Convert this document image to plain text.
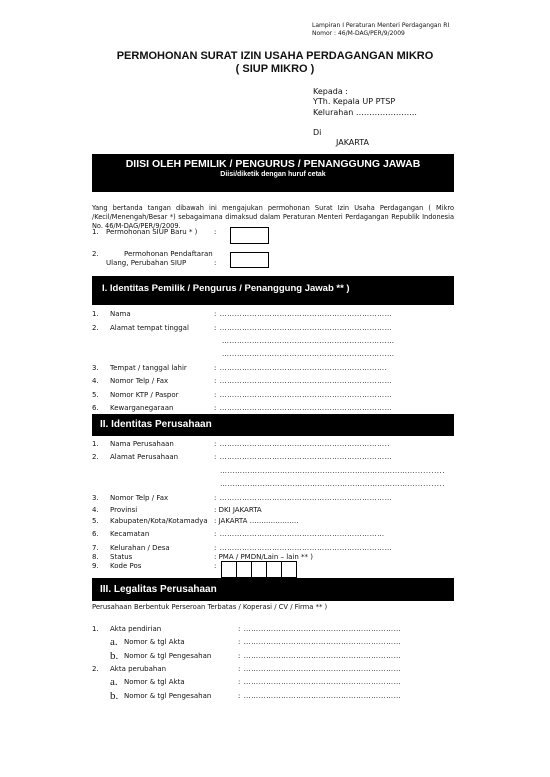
Lampiran I Peraturan Menteri Perdagangan RI
Nomor : 46/M-DAG/PER/9/2009
PERMOHONAN SURAT IZIN USAHA PERDAGANGAN MIKRO
( SIUP MIKRO )
Kepada :
YTh. Kepala UP PTSP
Kelurahan …………………..
Di
JAKARTA
DIISI OLEH PEMILIK / PENGURUS / PENANGGUNG JAWAB
Diisi/diketik dengan huruf cetak
Yang bertanda tangan dibawah ini mengajukan permohonan Surat Izin Usaha Perdagangan ( Mikro /Kecil/Menengah/Besar *) sebagaimana dimaksud dalam Peraturan Menteri Perdagangan Republik Indonesia No. 46/M-DAG/PER/9/2009.
1. Permohonan SIUP Baru * ) :
2.	Permohonan Pendaftaran
Ulang, Perubahan SIUP	:
I. Identitas Pemilik / Pengurus / Penanggung Jawab ** )
1. Nama	: ……………………………………………………………
2. Alamat tempat tinggal	: ……………………………………………………………
……………………………………………………………
……………………………………………………………
3. Tempat / tanggal lahir	: ………………………………………………………….
4. Nomor Telp / Fax	: ……………………………………………………………
5. Nomor KTP / Paspor	: ……………………………………………………………
6. Kewarganegaraan	: ……………………………………………………………
II. Identitas Perusahaan
1. Nama Perusahaan	: …………………………………………………………..
2. Alamat Perusahaan	: ……………………………………………………………
……………………………………………………………………...........
……………………………………………………………………...........
3. Nomor Telp / Fax	: ……………………………………………………………
4. Provinsi	: DKI JAKARTA
5. Kabupaten/Kota/Kotamadya : JAKARTA …………………
6. Kecamatan	: …………………………………………………………
7. Kelurahan / Desa	: ……………………………………………………………
8. Status	: PMA / PMDN/Lain – lain ** )
9. Kode Pos	:
III. Legalitas Perusahaan
Perusahaan Berbentuk Perseroan Terbatas / Koperasi / CV / Firma ** )
1. Akta pendirian	: ………………………………………………………
a. Nomor & tgl Akta	: ………………………………………………………
b. Nomor & tgl Pengesahan	: ………………………………………………………
2. Akta perubahan	: ………………………………………………………
a. Nomor & tgl Akta	: ………………………………………………………
b. Nomor & tgl Pengesahan	: ………………………………………………………
